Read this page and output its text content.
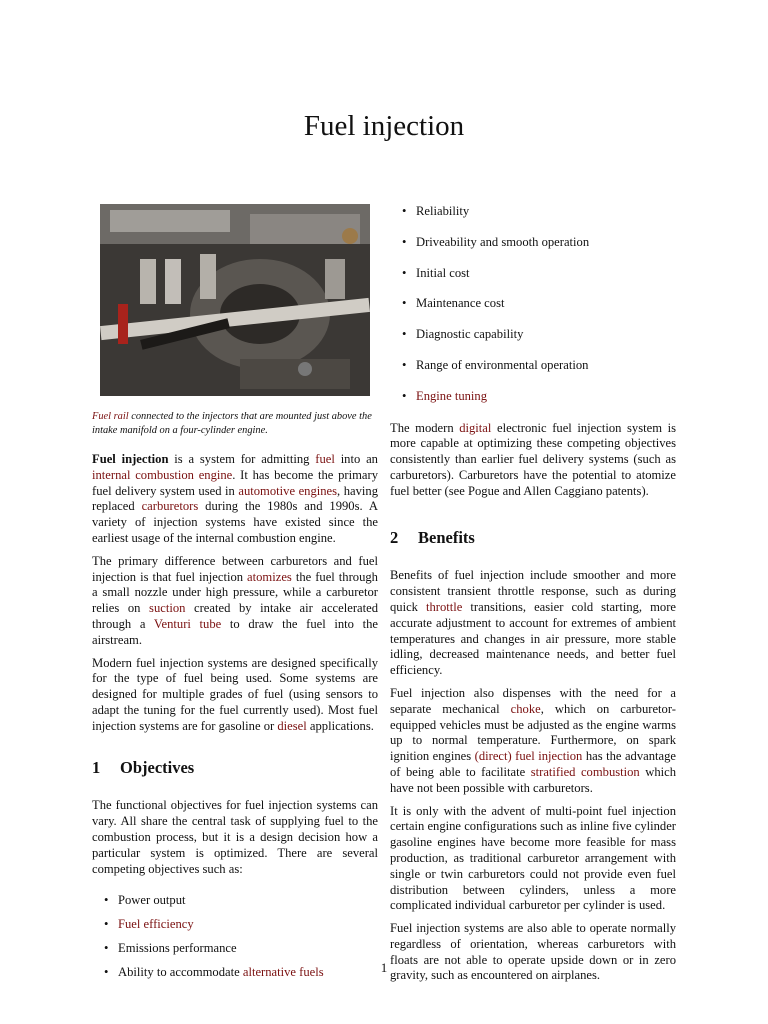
Fuel injection
Fuel rail connected to the injectors that are mounted just above the intake manifold on a four-cylinder engine.

Fuel injection is a system for admitting fuel into an internal combustion engine. It has become the primary fuel delivery system used in automotive engines, having replaced carburetors during the 1980s and 1990s. A variety of injection systems have existed since the earliest usage of the internal combustion engine.

The primary difference between carburetors and fuel injection is that fuel injection atomizes the fuel through a small nozzle under high pressure, while a carburetor relies on suction created by intake air accelerated through a Venturi tube to draw the fuel into the airstream.

Modern fuel injection systems are designed specifically for the type of fuel being used. Some systems are designed for multiple grades of fuel (using sensors to adapt the tuning for the fuel currently used). Most fuel injection systems are for gasoline or diesel applications.

1 Objectives

The functional objectives for fuel injection systems can vary. All share the central task of supplying fuel to the combustion process, but it is a design decision how a particular system is optimized. There are several competing objectives such as:

• Power output
• Fuel efficiency
• Emissions performance
• Ability to accommodate alternative fuels
• Reliability
• Driveability and smooth operation
• Initial cost
• Maintenance cost
• Diagnostic capability
• Range of environmental operation
• Engine tuning

The modern digital electronic fuel injection system is more capable at optimizing these competing objectives consistently than earlier fuel delivery systems (such as carburetors). Carburetors have the potential to atomize fuel better (see Pogue and Allen Caggiano patents).

2 Benefits

Benefits of fuel injection include smoother and more consistent transient throttle response, such as during quick throttle transitions, easier cold starting, more accurate adjustment to account for extremes of ambient temperatures and changes in air pressure, more stable idling, decreased maintenance needs, and better fuel efficiency.

Fuel injection also dispenses with the need for a separate mechanical choke, which on carburetor-equipped vehicles must be adjusted as the engine warms up to normal temperature. Furthermore, on spark ignition engines (direct) fuel injection has the advantage of being able to facilitate stratified combustion which have not been possible with carburetors.

It is only with the advent of multi-point fuel injection certain engine configurations such as inline five cylinder gasoline engines have become more feasible for mass production, as traditional carburetor arrangement with single or twin carburetors could not provide even fuel distribution between cylinders, unless a more complicated individual carburetor per cylinder is used.

Fuel injection systems are also able to operate normally regardless of orientation, whereas carburetors with floats are not able to operate upside down or in zero gravity, such as encountered on airplanes.

1
